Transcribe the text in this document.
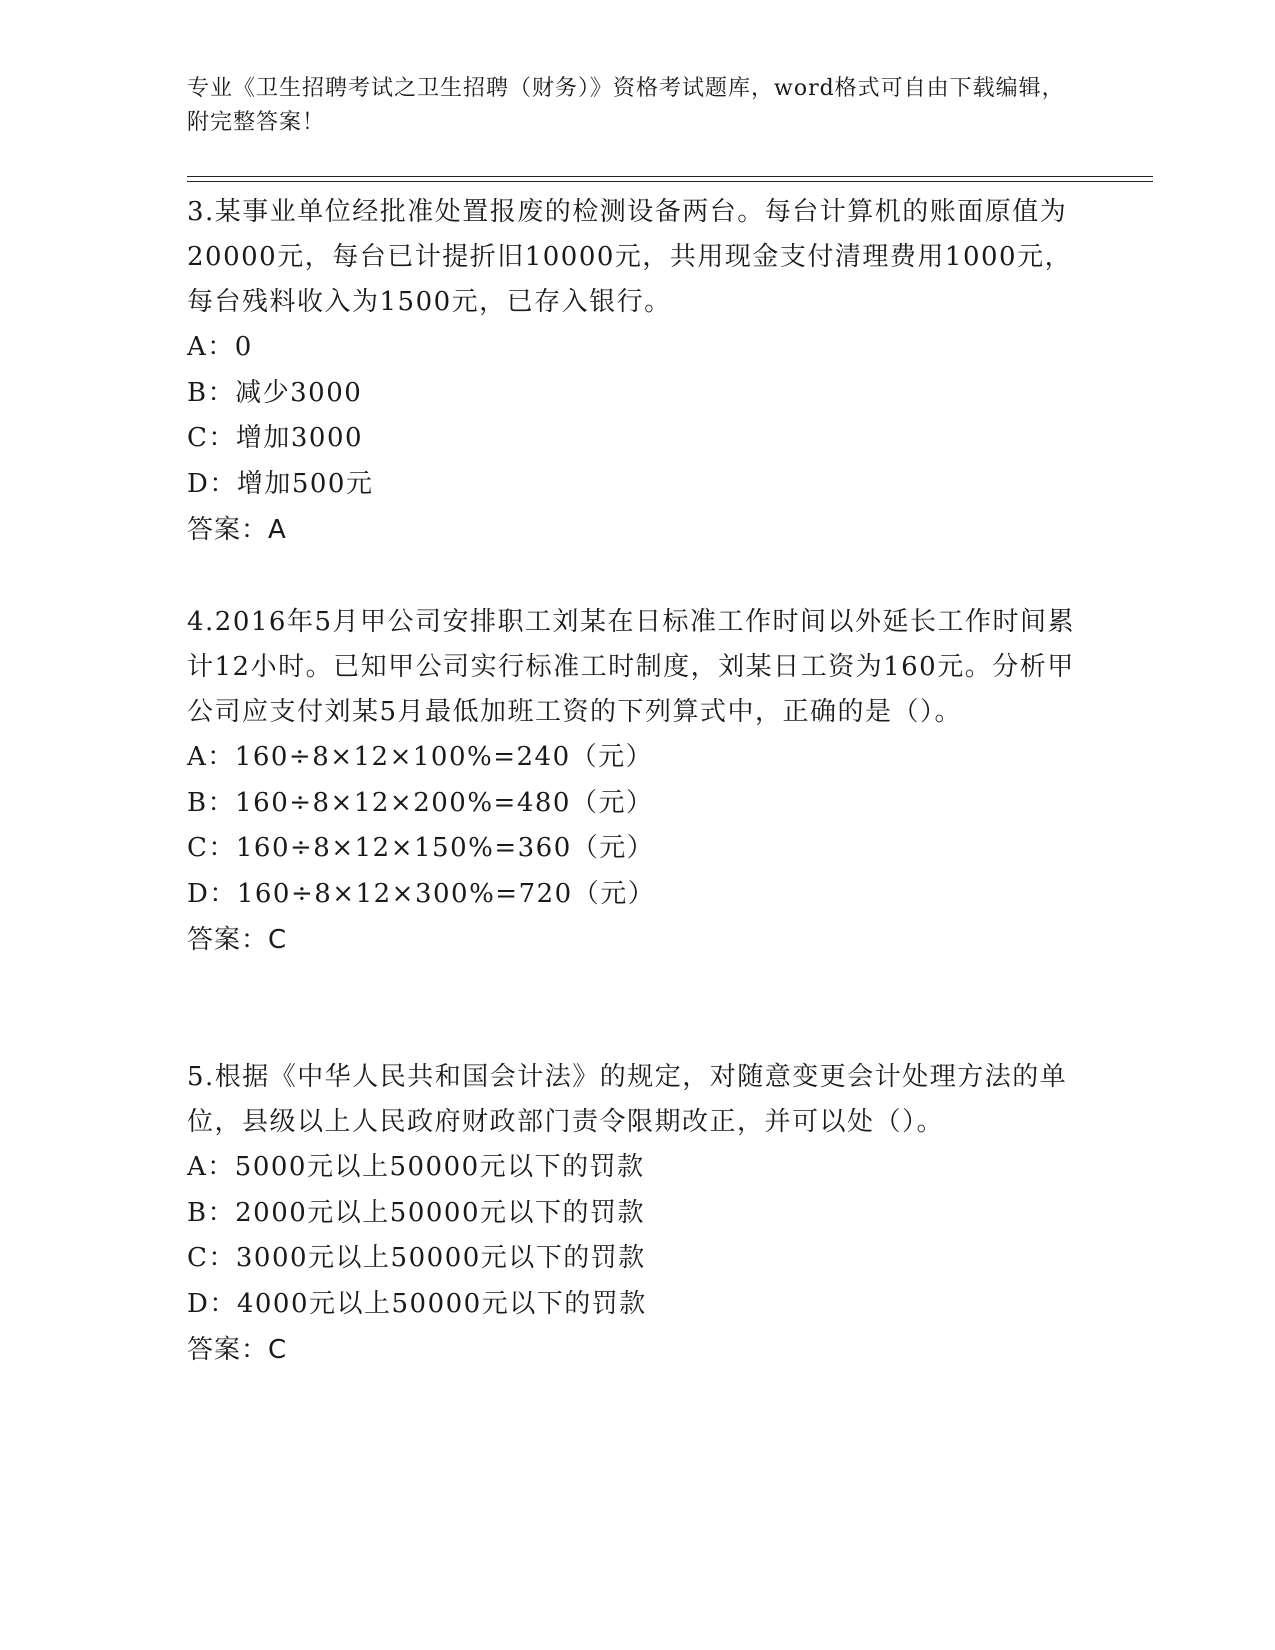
专业《卫生招聘考试之卫生招聘（财务）》资格考试题库，word格式可自由下载编辑，附完整答案！
3.某事业单位经批准处置报废的检测设备两台。每台计算机的账面原值为20000元，每台已计提折旧10000元，共用现金支付清理费用1000元，每台残料收入为1500元，已存入银行。
A：0
B：减少3000
C：增加3000
D：增加500元
答案：A
4.2016年5月甲公司安排职工刘某在日标准工作时间以外延长工作时间累计12小时。已知甲公司实行标准工时制度，刘某日工资为160元。分析甲公司应支付刘某5月最低加班工资的下列算式中，正确的是（）。
A：160÷8×12×100%=240（元）
B：160÷8×12×200%=480（元）
C：160÷8×12×150%=360（元）
D：160÷8×12×300%=720（元）
答案：C
5.根据《中华人民共和国会计法》的规定，对随意变更会计处理方法的单位，县级以上人民政府财政部门责令限期改正，并可以处（）。
A：5000元以上50000元以下的罚款
B：2000元以上50000元以下的罚款
C：3000元以上50000元以下的罚款
D：4000元以上50000元以下的罚款
答案：C
